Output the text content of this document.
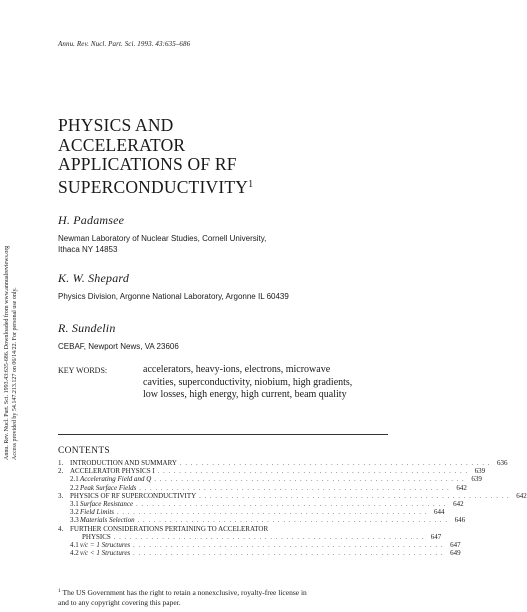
Annu. Rev. Nucl. Part. Sci. 1993. 43:635–686
Annu. Rev. Nucl. Part. Sci. 1993.43:635-686. Downloaded from www.annualreviews.org Access provided by 54.147.213.127 on 06/14/22. For personal use only.
PHYSICS AND
ACCELERATOR
APPLICATIONS OF RF
SUPERCONDUCTIVITY$^1$
H. Padamsee
Newman Laboratory of Nuclear Studies, Cornell University,
Ithaca NY 14853
K. W. Shepard
Physics Division, Argonne National Laboratory, Argonne IL 60439
R. Sundelin
CEBAF, Newport News, VA 23606
KEY WORDS:	accelerators, heavy-ions, electrons, microwave
cavities, superconductivity, niobium, high gradients,
low losses, high energy, high current, beam quality
CONTENTS
1. INTRODUCTION AND SUMMARY . . . . . . . . . . . . . . . . . . . . . . . . . . . . . . . . . . . . . . . . . . . . . . . . . . . . . . . . . . 636
2. ACCELERATOR PHYSICS I . . . . . . . . . . . . . . . . . . . . . . . . . . . . . . . . . . . . . . . . . . . . . . . . . . . . . . . . . . 639
2.1 Accelerating Field and Q . . . . . . . . . . . . . . . . . . . . . . . . . . . . . . . . . . . . . . . . . . . . . . . . . . . . . . . . . . 639
2.2 Peak Surface Fields . . . . . . . . . . . . . . . . . . . . . . . . . . . . . . . . . . . . . . . . . . . . . . . . . . . . . . . . . . 642
3. PHYSICS OF RF SUPERCONDUCTIVITY . . . . . . . . . . . . . . . . . . . . . . . . . . . . . . . . . . . . . . . . . . . . . . . . . . . . . . . . . . 642
3.1 Surface Resistance . . . . . . . . . . . . . . . . . . . . . . . . . . . . . . . . . . . . . . . . . . . . . . . . . . . . . . . . . . 642
3.2 Field Limits . . . . . . . . . . . . . . . . . . . . . . . . . . . . . . . . . . . . . . . . . . . . . . . . . . . . . . . . . . 644
3.3 Materials Selection . . . . . . . . . . . . . . . . . . . . . . . . . . . . . . . . . . . . . . . . . . . . . . . . . . . . . . . . . . 646
4. FURTHER CONSIDERATIONS PERTAINING TO ACCELERATOR
PHYSICS . . . . . . . . . . . . . . . . . . . . . . . . . . . . . . . . . . . . . . . . . . . . . . . . . . . . . . . . . . 647
4.1 v/c = 1 Structures . . . . . . . . . . . . . . . . . . . . . . . . . . . . . . . . . . . . . . . . . . . . . . . . . . . . . . . . . . 647
4.2 v/c < 1 Structures . . . . . . . . . . . . . . . . . . . . . . . . . . . . . . . . . . . . . . . . . . . . . . . . . . . . . . . . . . 649
$^1$ The US Government has the right to retain a nonexclusive, royalty-free license in
and to any copyright covering this paper.
